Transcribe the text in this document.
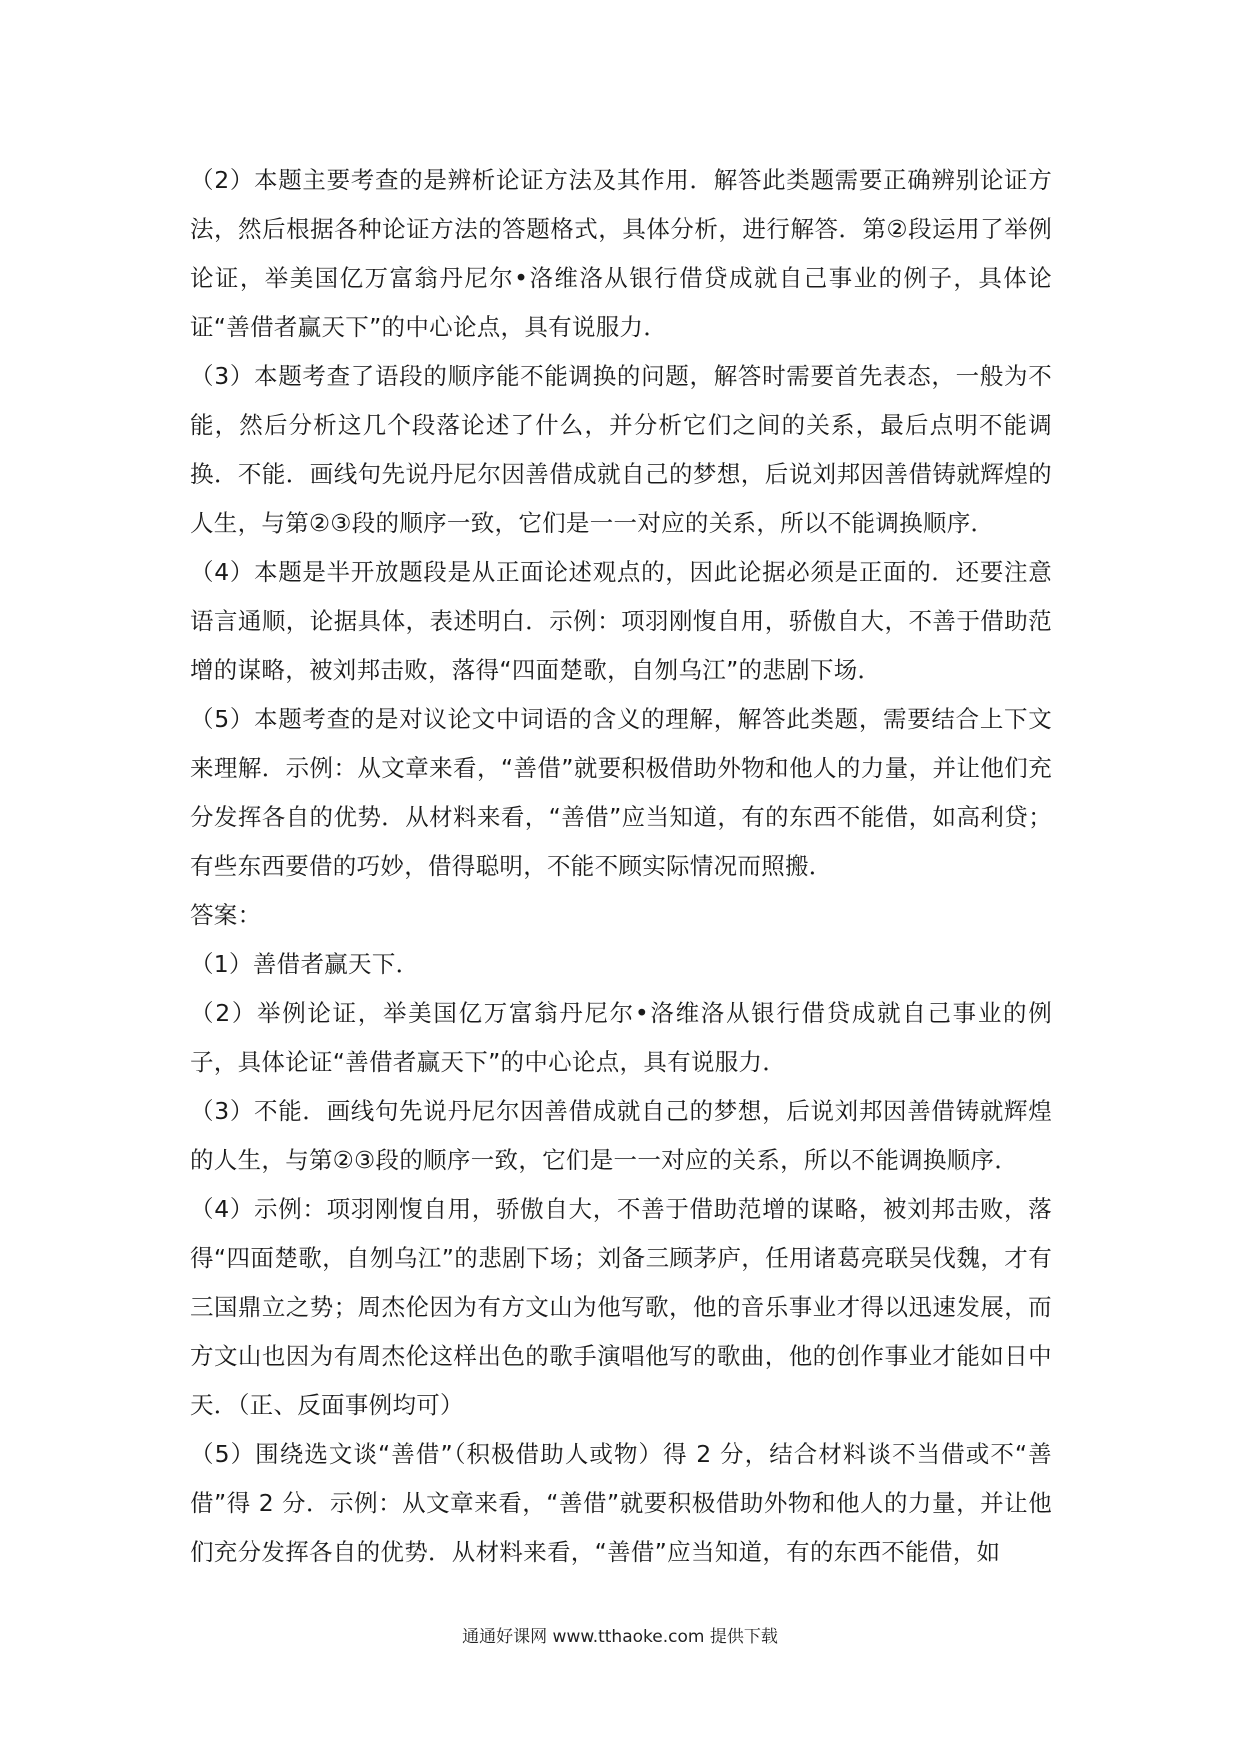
（2）本题主要考查的是辨析论证方法及其作用．解答此类题需要正确辨别论证方法，然后根据各种论证方法的答题格式，具体分析，进行解答．第②段运用了举例论证，举美国亿万富翁丹尼尔•洛维洛从银行借贷成就自己事业的例子，具体论证“善借者赢天下”的中心论点，具有说服力．

（3）本题考查了语段的顺序能不能调换的问题，解答时需要首先表态，一般为不能，然后分析这几个段落论述了什么，并分析它们之间的关系，最后点明不能调换．不能．画线句先说丹尼尔因善借成就自己的梦想，后说刘邦因善借铸就辉煌的人生，与第②③段的顺序一致，它们是一一对应的关系，所以不能调换顺序．

（4）本题是半开放题段是从正面论述观点的，因此论据必须是正面的．还要注意语言通顺，论据具体，表述明白．示例：项羽刚愎自用，骄傲自大，不善于借助范增的谋略，被刘邦击败，落得“四面楚歌，自刎乌江”的悲剧下场．

（5）本题考查的是对议论文中词语的含义的理解，解答此类题，需要结合上下文来理解．示例：从文章来看，“善借”就要积极借助外物和他人的力量，并让他们充分发挥各自的优势．从材料来看，“善借”应当知道，有的东西不能借，如高利贷；有些东西要借的巧妙，借得聪明，不能不顾实际情况而照搬．

答案：

（1）善借者赢天下．

（2）举例论证，举美国亿万富翁丹尼尔•洛维洛从银行借贷成就自己事业的例子，具体论证“善借者赢天下”的中心论点，具有说服力．

（3）不能．画线句先说丹尼尔因善借成就自己的梦想，后说刘邦因善借铸就辉煌的人生，与第②③段的顺序一致，它们是一一对应的关系，所以不能调换顺序．

（4）示例：项羽刚愎自用，骄傲自大，不善于借助范增的谋略，被刘邦击败，落得“四面楚歌，自刎乌江”的悲剧下场；刘备三顾茅庐，任用诸葛亮联吴伐魏，才有三国鼎立之势；周杰伦因为有方文山为他写歌，他的音乐事业才得以迅速发展，而方文山也因为有周杰伦这样出色的歌手演唱他写的歌曲，他的创作事业才能如日中天．（正、反面事例均可）

（5）围绕选文谈“善借”（积极借助人或物）得 2 分，结合材料谈不当借或不“善借”得 2 分．示例：从文章来看，“善借”就要积极借助外物和他人的力量，并让他们充分发挥各自的优势．从材料来看，“善借”应当知道，有的东西不能借，如

通通好课网 www.tthaoke.com 提供下载
